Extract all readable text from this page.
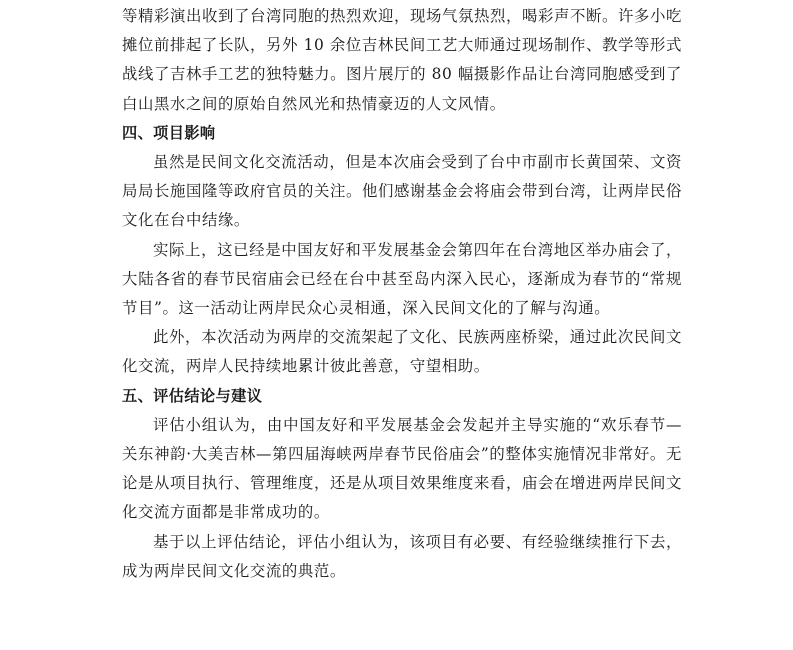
等精彩演出收到了台湾同胞的热烈欢迎，现场气氛热烈，喝彩声不断。许多小吃摊位前排起了长队，另外 10 余位吉林民间工艺大师通过现场制作、教学等形式战线了吉林手工艺的独特魅力。图片展厅的 80 幅摄影作品让台湾同胞感受到了白山黑水之间的原始自然风光和热情豪迈的人文风情。

四、项目影响

虽然是民间文化交流活动，但是本次庙会受到了台中市副市长黄国荣、文资局局长施国隆等政府官员的关注。他们感谢基金会将庙会带到台湾，让两岸民俗文化在台中结缘。

实际上，这已经是中国友好和平发展基金会第四年在台湾地区举办庙会了，大陆各省的春节民宿庙会已经在台中甚至岛内深入民心，逐渐成为春节的“常规节目”。这一活动让两岸民众心灵相通，深入民间文化的了解与沟通。

此外，本次活动为两岸的交流架起了文化、民族两座桥梁，通过此次民间文化交流，两岸人民持续地累计彼此善意，守望相助。

五、评估结论与建议

评估小组认为，由中国友好和平发展基金会发起并主导实施的“欢乐春节—关东神韵·大美吉林—第四届海峡两岸春节民俗庙会”的整体实施情况非常好。无论是从项目执行、管理维度，还是从项目效果维度来看，庙会在增进两岸民间文化交流方面都是非常成功的。

基于以上评估结论，评估小组认为，该项目有必要、有经验继续推行下去，成为两岸民间文化交流的典范。
